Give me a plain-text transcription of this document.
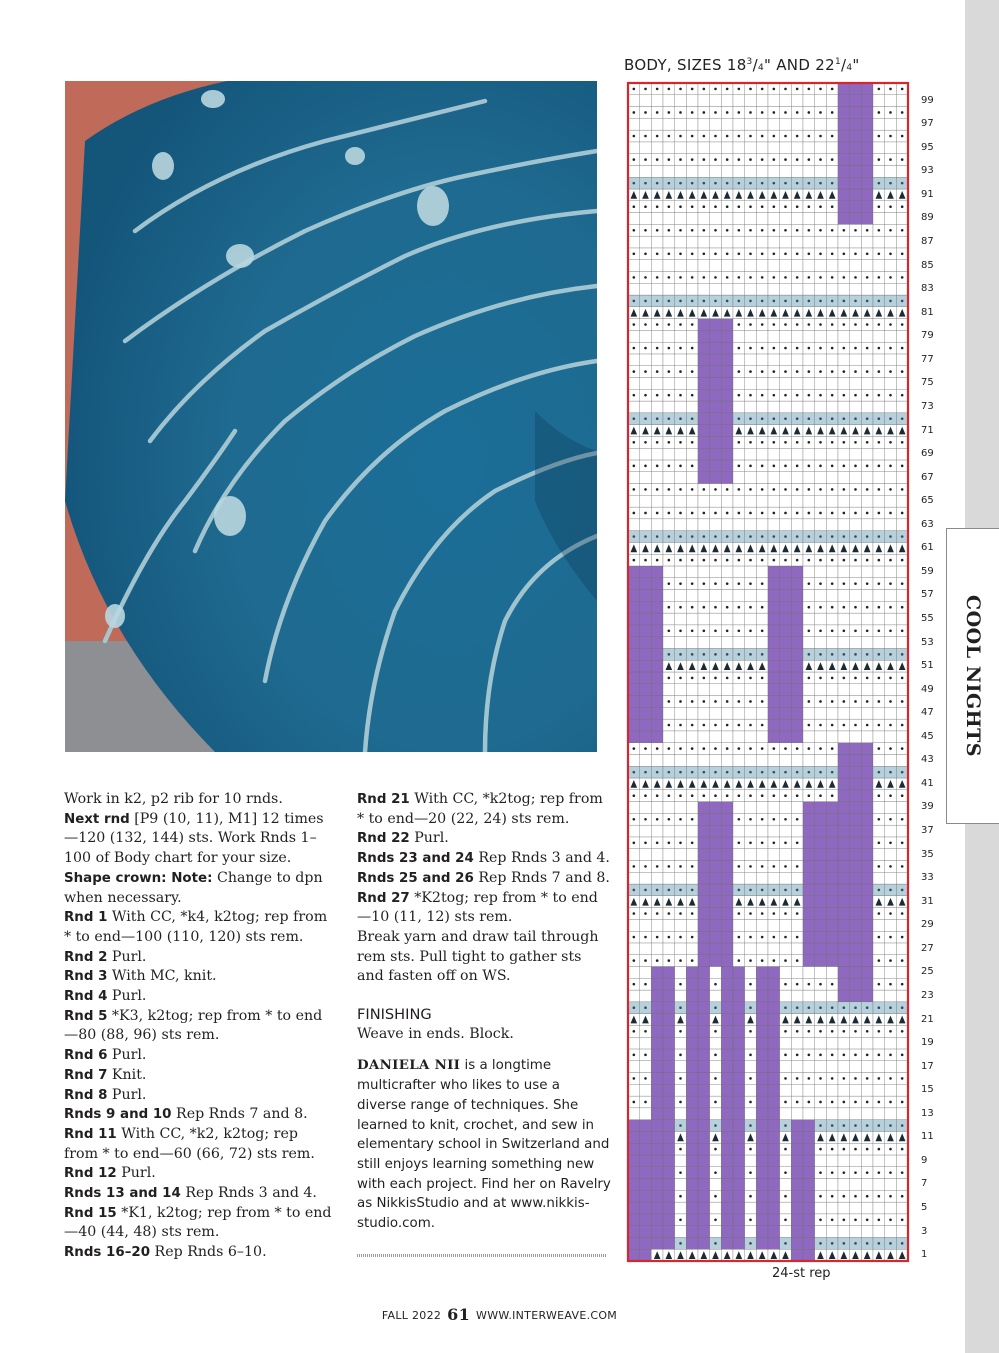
COOL NIGHTS

Work in k2, p2 rib for 10 rnds.

Next rnd [P9 (10, 11), M1] 12 times—120 (132, 144) sts. Work Rnds 1–100 of Body chart for your size.

Shape crown: Note: Change to dpn when necessary.

Rnd 1 With CC, *k4, k2tog; rep from * to end—100 (110, 120) sts rem.

Rnd 2 Purl.

Rnd 3 With MC, knit.

Rnd 4 Purl.

Rnd 5 *K3, k2tog; rep from * to end—80 (88, 96) sts rem.

Rnd 6 Purl.

Rnd 7 Knit.

Rnd 8 Purl.

Rnds 9 and 10 Rep Rnds 7 and 8.

Rnd 11 With CC, *k2, k2tog; rep from * to end—60 (66, 72) sts rem.

Rnd 12 Purl.

Rnds 13 and 14 Rep Rnds 3 and 4.

Rnd 15 *K1, k2tog; rep from * to end—40 (44, 48) sts rem.

Rnds 16–20 Rep Rnds 6–10.

Rnd 21 With CC, *k2tog; rep from * to end—20 (22, 24) sts rem.

Rnd 22 Purl.

Rnds 23 and 24 Rep Rnds 3 and 4.

Rnds 25 and 26 Rep Rnds 7 and 8.

Rnd 27 *K2tog; rep from * to end—10 (11, 12) sts rem.

Break yarn and draw tail through rem sts. Pull tight to gather sts and fasten off on WS.

FINISHING

Weave in ends. Block.

DANIELA NII is a longtime multicrafter who likes to use a diverse range of techniques. She learned to knit, crochet, and sew in elementary school in Switzerland and still enjoys learning something new with each project. Find her on Ravelry as NikkisStudio and at www.nikkis-studio.com.

BODY, SIZES $18^3/4$" AND $22^1/4$"
99
97
95
93
91
89
87
85
83
81
79
77
75
73
71
69
67
65
63
61
59
57
55
53
51
49
47
45
43
41
39
37
35
33
31
29
27
25
23
21
19
17
15
13
11
9
7
5
3
1
24-st rep
FALL 2022 61 WWW.INTERWEAVE.COM
